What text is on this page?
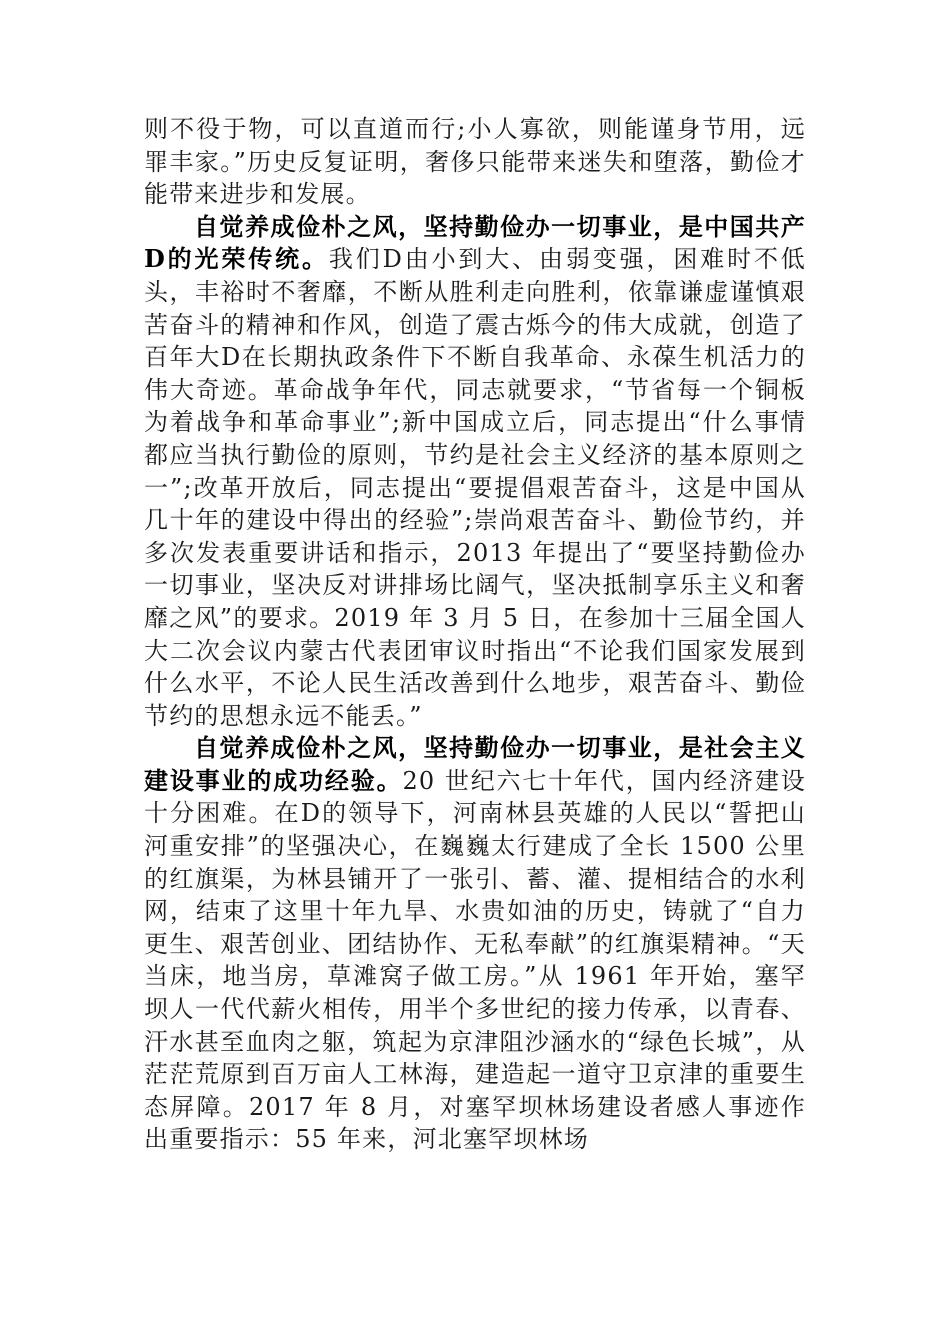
则不役于物，可以直道而行;小人寡欲，则能谨身节用，远罪丰家。”历史反复证明，奢侈只能带来迷失和堕落，勤俭才能带来进步和发展。

自觉养成俭朴之风，坚持勤俭办一切事业，是中国共产D的光荣传统。我们D由小到大、由弱变强，困难时不低头，丰裕时不奢靡，不断从胜利走向胜利，依靠谦虚谨慎艰苦奋斗的精神和作风，创造了震古烁今的伟大成就，创造了百年大D在长期执政条件下不断自我革命、永葆生机活力的伟大奇迹。革命战争年代，同志就要求，“节省每一个铜板为着战争和革命事业”;新中国成立后，同志提出“什么事情都应当执行勤俭的原则，节约是社会主义经济的基本原则之一”;改革开放后，同志提出“要提倡艰苦奋斗，这是中国从几十年的建设中得出的经验”;崇尚艰苦奋斗、勤俭节约，并多次发表重要讲话和指示，2013 年提出了“要坚持勤俭办一切事业，坚决反对讲排场比阔气，坚决抵制享乐主义和奢靡之风”的要求。2019 年 3 月 5 日，在参加十三届全国人大二次会议内蒙古代表团审议时指出“不论我们国家发展到什么水平，不论人民生活改善到什么地步，艰苦奋斗、勤俭节约的思想永远不能丢。”

自觉养成俭朴之风，坚持勤俭办一切事业，是社会主义建设事业的成功经验。20 世纪六七十年代，国内经济建设十分困难。在D的领导下，河南林县英雄的人民以“誓把山河重安排”的坚强决心，在巍巍太行建成了全长 1500 公里的红旗渠，为林县铺开了一张引、蓄、灌、提相结合的水利网，结束了这里十年九旱、水贵如油的历史，铸就了“自力更生、艰苦创业、团结协作、无私奉献”的红旗渠精神。“天当床，地当房，草滩窝子做工房。”从 1961 年开始，塞罕坝人一代代薪火相传，用半个多世纪的接力传承，以青春、汗水甚至血肉之躯，筑起为京津阻沙涵水的“绿色长城”，从茫茫荒原到百万亩人工林海，建造起一道守卫京津的重要生态屏障。2017 年 8 月，对塞罕坝林场建设者感人事迹作出重要指示：55 年来，河北塞罕坝林场
